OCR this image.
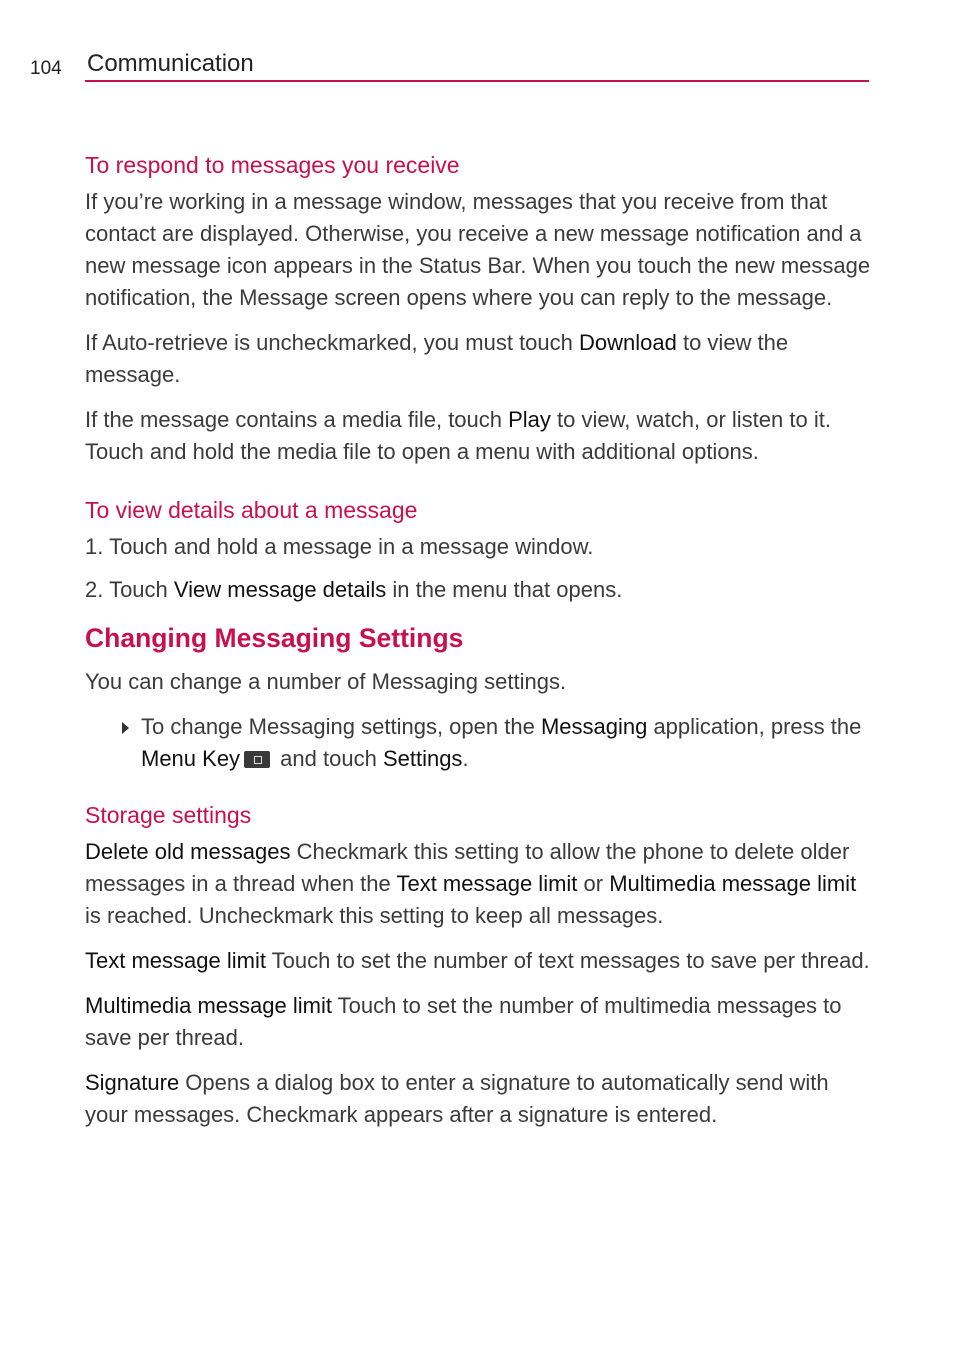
104 Communication
To respond to messages you receive

If you’re working in a message window, messages that you receive from that contact are displayed. Otherwise, you receive a new message notification and a new message icon appears in the Status Bar. When you touch the new message notification, the Message screen opens where you can reply to the message.

If Auto-retrieve is uncheckmarked, you must touch Download to view the message.

If the message contains a media file, touch Play to view, watch, or listen to it. Touch and hold the media file to open a menu with additional options.

To view details about a message
1. Touch and hold a message in a message window.
2. Touch View message details in the menu that opens.
Changing Messaging Settings

You can change a number of Messaging settings.

To change Messaging settings, open the Messaging application, press the Menu Key and touch Settings.
Storage settings

Delete old messages Checkmark this setting to allow the phone to delete older messages in a thread when the Text message limit or Multimedia message limit is reached. Uncheckmark this setting to keep all messages.

Text message limit Touch to set the number of text messages to save per thread.

Multimedia message limit Touch to set the number of multimedia messages to save per thread.

Signature Opens a dialog box to enter a signature to automatically send with your messages. Checkmark appears after a signature is entered.
